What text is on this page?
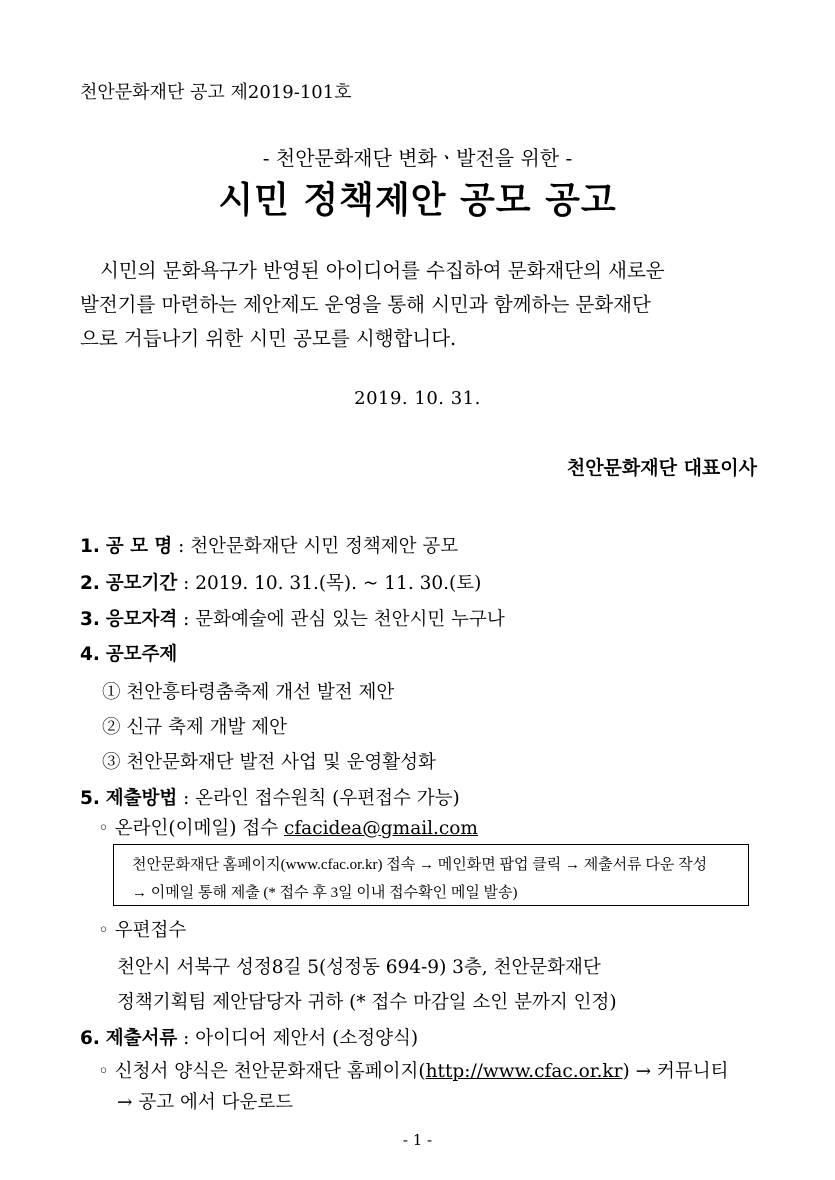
천안문화재단 공고 제2019-101호
- 천안문화재단 변화ㆍ발전을 위한 -
시민 정책제안 공모 공고
시민의 문화욕구가 반영된 아이디어를 수집하여 문화재단의 새로운
발전기를 마련하는 제안제도 운영을 통해 시민과 함께하는 문화재단
으로 거듭나기 위한 시민 공모를 시행합니다.
2019. 10. 31.
천안문화재단 대표이사
1. 공 모 명 : 천안문화재단 시민 정책제안 공모
2. 공모기간 : 2019. 10. 31.(목). ~ 11. 30.(토)
3. 응모자격 : 문화예술에 관심 있는 천안시민 누구나
4. 공모주제
① 천안흥타령춤축제 개선 발전 제안
② 신규 축제 개발 제안
③ 천안문화재단 발전 사업 및 운영활성화
5. 제출방법 : 온라인 접수원칙 (우편접수 가능)
◦ 온라인(이메일) 접수 cfacidea@gmail.com
천안문화재단 홈페이지(www.cfac.or.kr) 접속 → 메인화면 팝업 클릭 → 제출서류 다운 작성
→ 이메일 통해 제출 (* 접수 후 3일 이내 접수확인 메일 발송)
◦ 우편접수
천안시 서북구 성정8길 5(성정동 694-9) 3층, 천안문화재단
정책기획팀 제안담당자 귀하 (* 접수 마감일 소인 분까지 인정)
6. 제출서류 : 아이디어 제안서 (소정양식)
◦ 신청서 양식은 천안문화재단 홈페이지(http://www.cfac.or.kr) → 커뮤니티
→ 공고 에서 다운로드
- 1 -
